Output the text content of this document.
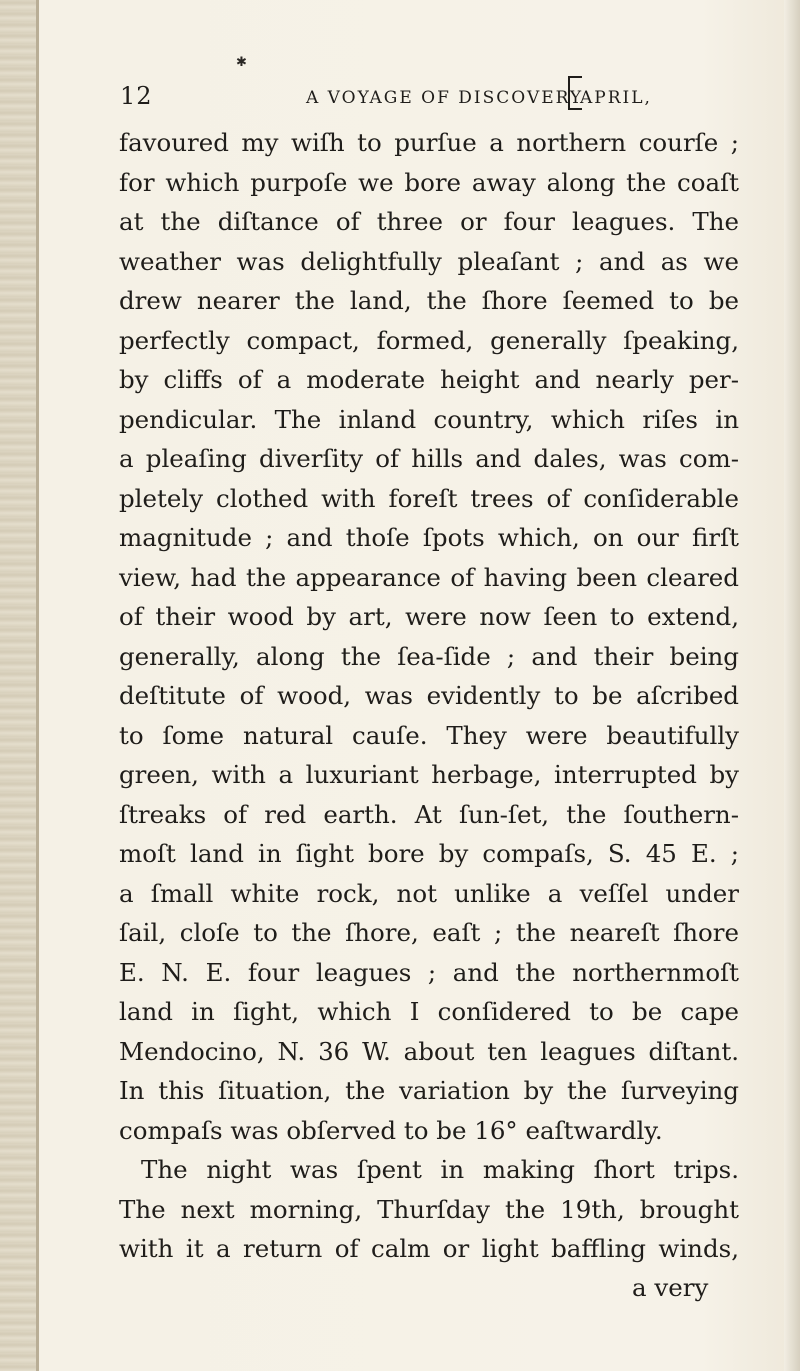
✱
12	A VOYAGE OF DISCOVERY
APRIL,
favoured my wiſh to purſue a northern courſe ;
for which purpoſe we bore away along the coaſt
at the diſtance of three or four leagues. The
weather was delightfully pleaſant ; and as we
drew nearer the land, the ſhore ſeemed to be
perfectly compact, formed, generally ſpeaking,
by cliffs of a moderate height and nearly per-
pendicular. The inland country, which riſes in
a pleaſing diverſity of hills and dales, was com-
pletely clothed with foreſt trees of conſiderable
magnitude ; and thoſe ſpots which, on our firſt
view, had the appearance of having been cleared
of their wood by art, were now ſeen to extend,
generally, along the ſea-ſide ; and their being
deſtitute of wood, was evidently to be aſcribed
to ſome natural cauſe. They were beautifully
green, with a luxuriant herbage, interrupted by
ſtreaks of red earth. At ſun-ſet, the ſouthern-
moſt land in ſight bore by compaſs, S. 45 E. ;
a ſmall white rock, not unlike a veſſel under
ſail, cloſe to the ſhore, eaſt ; the neareſt ſhore
E. N. E. four leagues ; and the northernmoſt
land in ſight, which I conſidered to be cape
Mendocino, N. 36 W. about ten leagues diſtant.
In this ſituation, the variation by the ſurveying
compaſs was obſerved to be 16° eaſtwardly.
The night was ſpent in making ſhort trips.
The next morning, Thurſday the 19th, brought
with it a return of calm or light baffling winds,
a very
